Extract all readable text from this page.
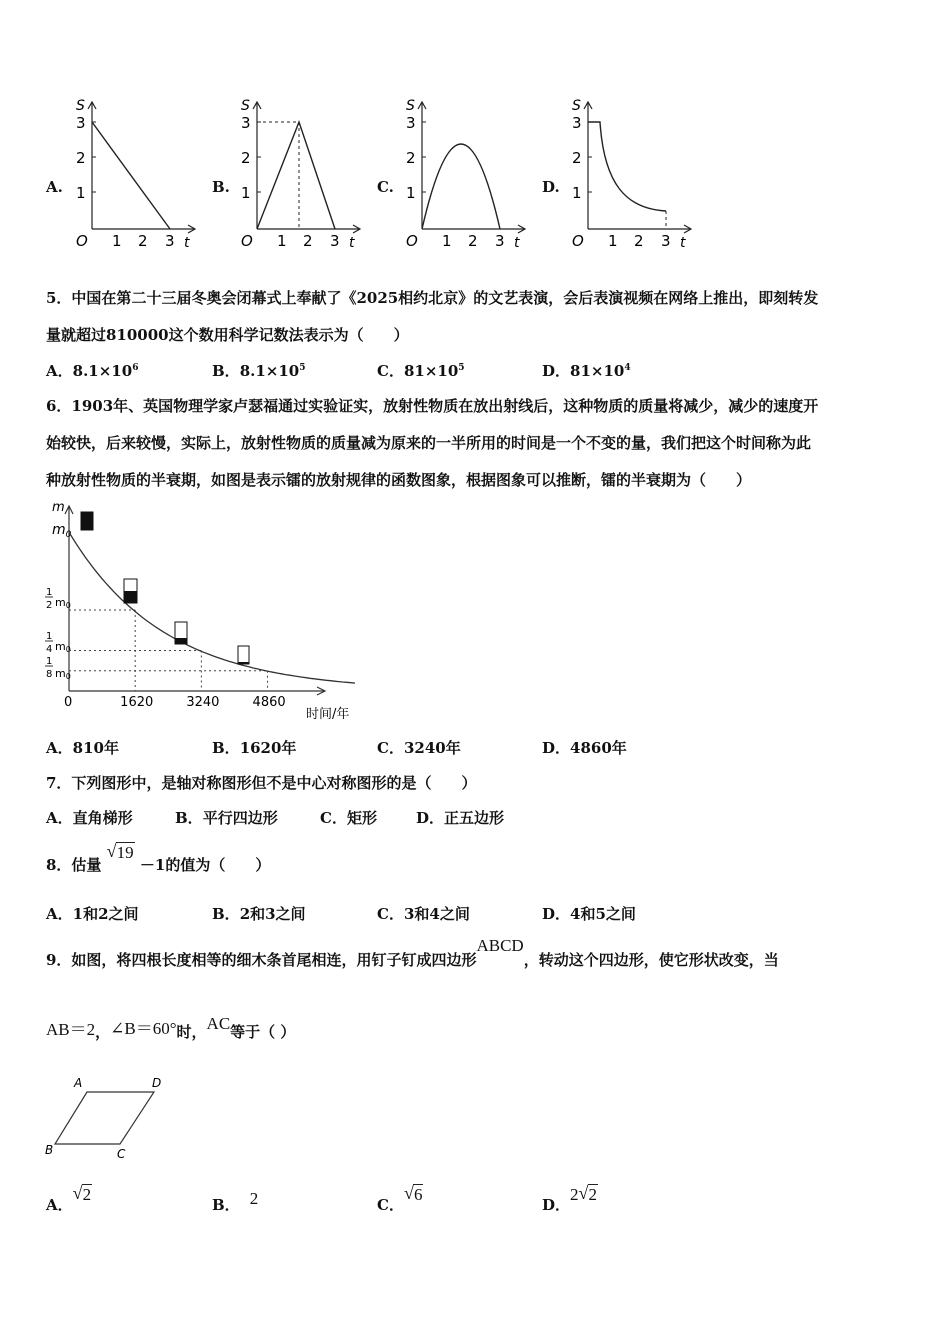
A.
3
2
1
1 2 3
O
S
t
B.
3
2
1
1 2 3
O
S
t
C.
3
2
1
1 2 3
O
S
t
D.
3
2
1
1 2 3
O
S
t
5．中国在第二十三届冬奥会闭幕式上奉献了《2025相约北京》的文艺表演，会后表演视频在网络上推出，即刻转发
量就超过810000这个数用科学记数法表示为（　　）
A．$8.1\times 10^6$	B．$8.1\times 10^5$	C．$81\times 10^5$	D．$81\times 10^4$
6．1903年、英国物理学家卢瑟福通过实验证实，放射性物质在放出射线后，这种物质的质量将减少，减少的速度开
始较快，后来较慢，实际上，放射性物质的质量减为原来的一半所用的时间是一个不变的量，我们把这个时间称为此
种放射性物质的半衰期，如图是表示镭的放射规律的函数图象，根据图象可以推断，镭的半衰期为（　　）
m
$m_0$
1
2 m0
1
4 m0
1
8 m0
0	1620	3240	4860
时间/年
A．810年	B．1620年	C．3240年	D．4860年
7．下列图形中，是轴对称图形但不是中心对称图形的是（　　）
A．直角梯形	B．平行四边形	C．矩形	D．正五边形
8．估量
√ 19 －1的值为（　　）
A．1和2之间	B．2和3之间	C．3和4之间	D．4和5之间
9．如图，将四根长度相等的细木条首尾相连，用钉子钉成四边形ABCD，转动这个四边形，使它形状改变，当
AB＝2，∠B＝60°时，AC等于（ ）
A	D
B	C
A．
√ 2
B． 2	C．
√ 6
D．2 √ 2
